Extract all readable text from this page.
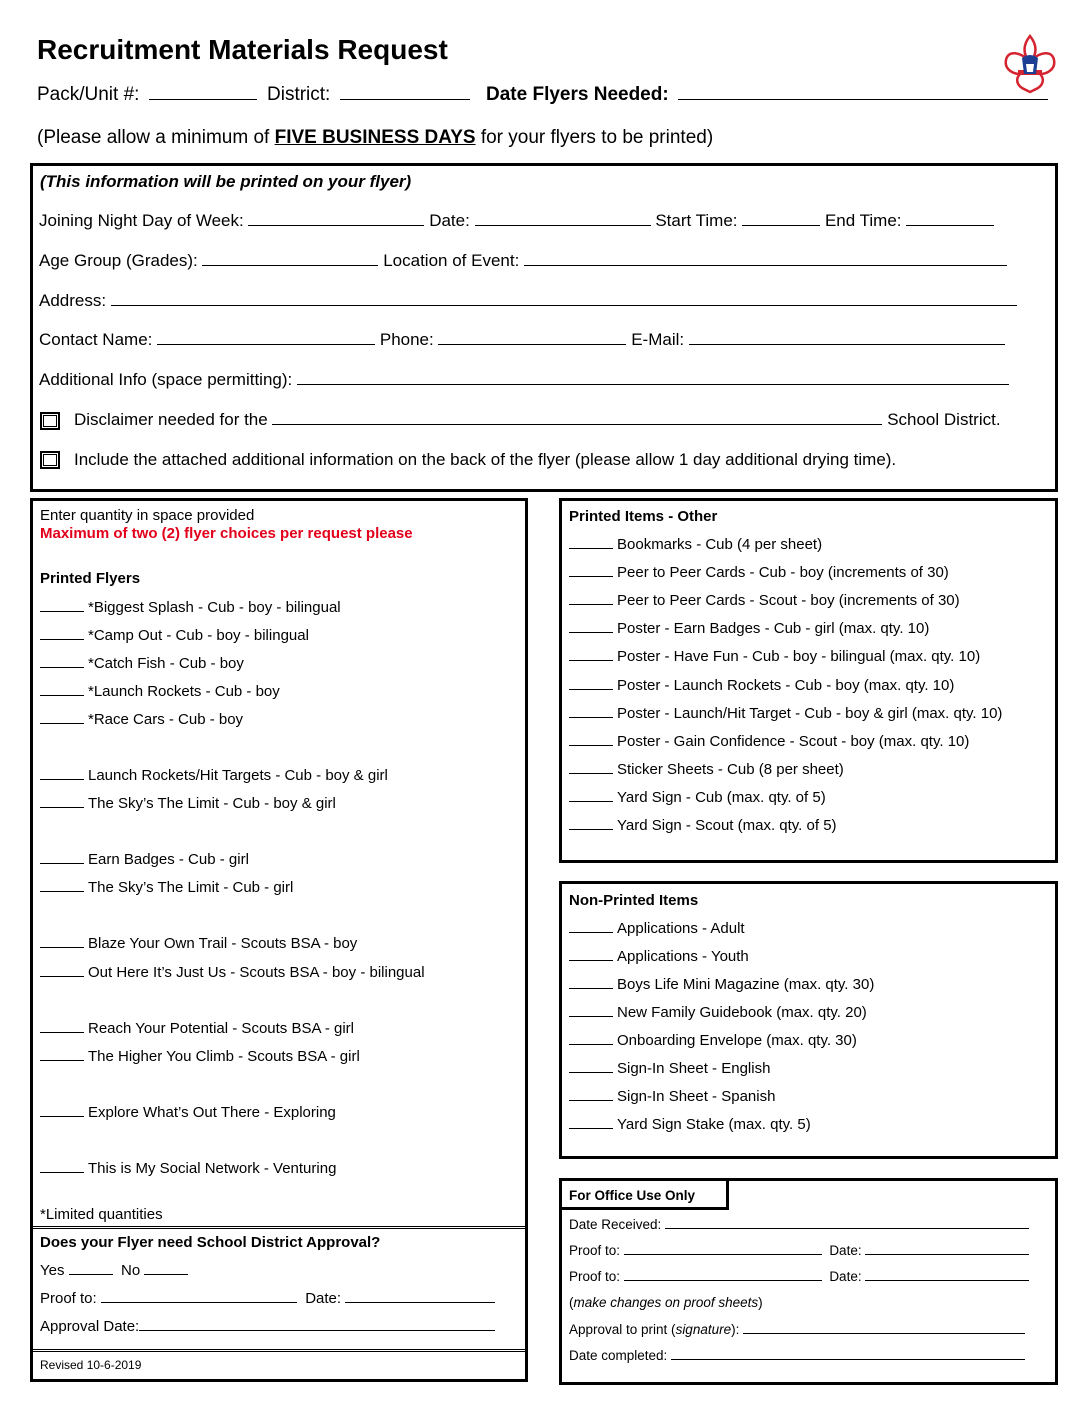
Recruitment Materials Request
Pack/Unit #:	District:	Date Flyers Needed:
(Please allow a minimum of FIVE BUSINESS DAYS for your flyers to be printed)
(This information will be printed on your flyer)
Joining Night Day of Week:	Date:	Start Time:	End Time:
Age Group (Grades):	Location of Event:
Address:
Contact Name:	Phone:	E-Mail:
Additional Info (space permitting):
Disclaimer needed for the	School District.
Include the attached additional information on the back of the flyer (please allow 1 day additional drying time).
Enter quantity in space provided
Maximum of two (2) flyer choices per request please
Printed Flyers
*Biggest Splash - Cub - boy - bilingual
*Camp Out - Cub - boy - bilingual
*Catch Fish - Cub - boy
*Launch Rockets - Cub - boy
*Race Cars - Cub - boy
Launch Rockets/Hit Targets - Cub - boy & girl
The Sky’s The Limit - Cub - boy & girl
Earn Badges - Cub - girl
The Sky’s The Limit - Cub - girl
Blaze Your Own Trail - Scouts BSA - boy
Out Here It’s Just Us - Scouts BSA - boy - bilingual
Reach Your Potential - Scouts BSA - girl
The Higher You Climb - Scouts BSA - girl
Explore What’s Out There - Exploring
This is My Social Network - Venturing
*Limited quantities
Does your Flyer need School District Approval?
Yes	No
Proof to:	Date:
Approval Date:
Revised 10-6-2019
Printed Items - Other
Bookmarks - Cub (4 per sheet)
Peer to Peer Cards - Cub - boy (increments of 30)
Peer to Peer Cards - Scout - boy (increments of 30)
Poster - Earn Badges - Cub - girl (max. qty. 10)
Poster - Have Fun - Cub - boy - bilingual (max. qty. 10)
Poster - Launch Rockets - Cub - boy (max. qty. 10)
Poster - Launch/Hit Target - Cub - boy & girl (max. qty. 10)
Poster - Gain Confidence - Scout - boy (max. qty. 10)
Sticker Sheets - Cub (8 per sheet)
Yard Sign - Cub (max. qty. of 5)
Yard Sign - Scout (max. qty. of 5)
Non-Printed Items
Applications - Adult
Applications - Youth
Boys Life Mini Magazine (max. qty. 30)
New Family Guidebook (max. qty. 20)
Onboarding Envelope (max. qty. 30)
Sign-In Sheet - English
Sign-In Sheet - Spanish
Yard Sign Stake (max. qty. 5)
For Office Use Only
Date Received:
Proof to:	Date:
Proof to:	Date:
(make changes on proof sheets)
Approval to print (signature):
Date completed:
